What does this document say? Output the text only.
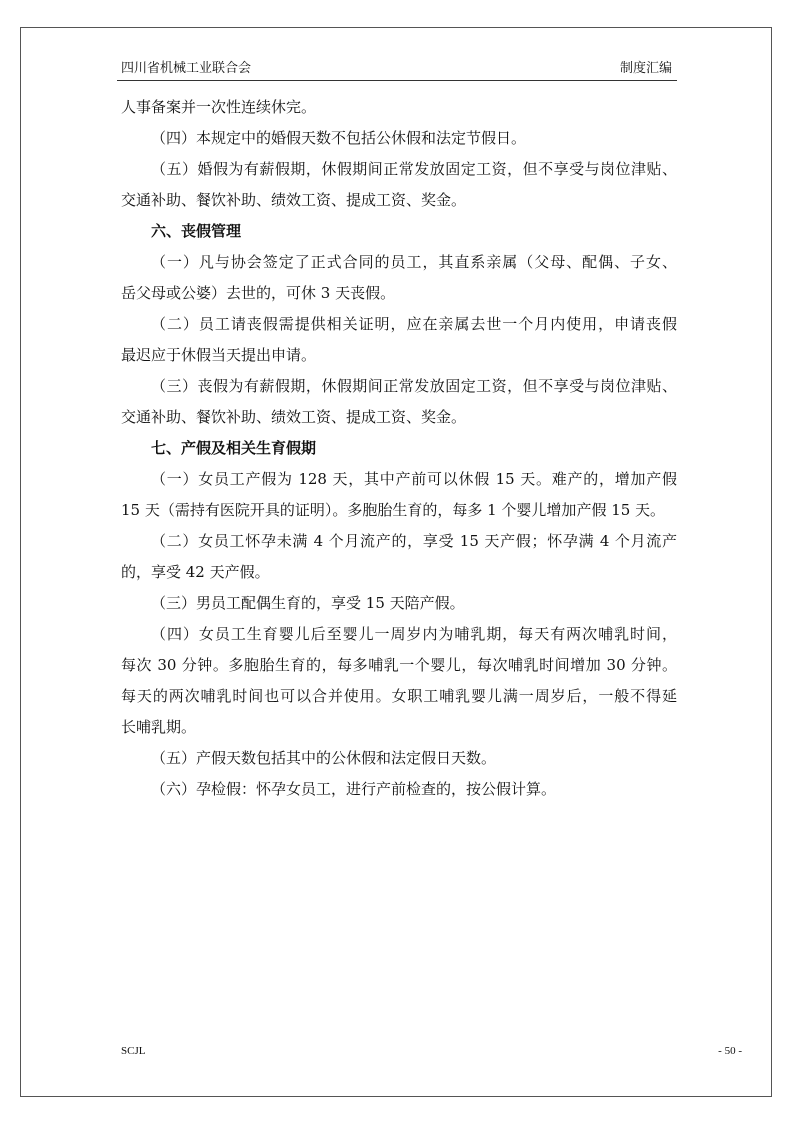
四川省机械工业联合会	制度汇编

人事备案并一次性连续休完。

（四）本规定中的婚假天数不包括公休假和法定节假日。

（五）婚假为有薪假期，休假期间正常发放固定工资，但不享受与岗位津贴、

交通补助、餐饮补助、绩效工资、提成工资、奖金。

六、丧假管理

（一）凡与协会签定了正式合同的员工，其直系亲属（父母、配偶、子女、

岳父母或公婆）去世的，可休 3 天丧假。

（二）员工请丧假需提供相关证明，应在亲属去世一个月内使用，申请丧假

最迟应于休假当天提出申请。

（三）丧假为有薪假期，休假期间正常发放固定工资，但不享受与岗位津贴、

交通补助、餐饮补助、绩效工资、提成工资、奖金。

七、产假及相关生育假期

（一）女员工产假为 128 天，其中产前可以休假 15 天。难产的，增加产假

15 天（需持有医院开具的证明）。多胞胎生育的，每多 1 个婴儿增加产假 15 天。

（二）女员工怀孕未满 4 个月流产的，享受 15 天产假；怀孕满 4 个月流产

的，享受 42 天产假。

（三）男员工配偶生育的，享受 15 天陪产假。

（四）女员工生育婴儿后至婴儿一周岁内为哺乳期，每天有两次哺乳时间，

每次 30 分钟。多胞胎生育的，每多哺乳一个婴儿，每次哺乳时间增加 30 分钟。

每天的两次哺乳时间也可以合并使用。女职工哺乳婴儿满一周岁后，一般不得延

长哺乳期。

（五）产假天数包括其中的公休假和法定假日天数。

（六）孕检假：怀孕女员工，进行产前检查的，按公假计算。

SCJL	- 50 -
